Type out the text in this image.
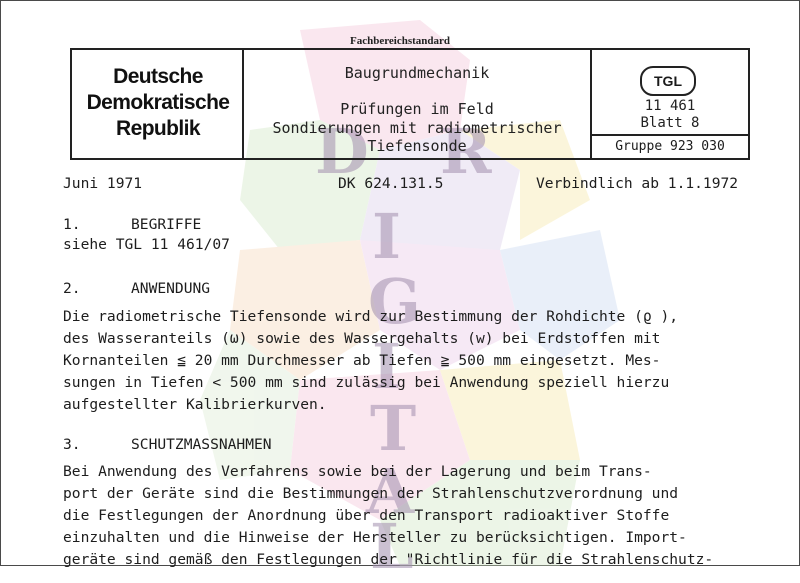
D R
I
G
I
T
A
L
Fachbereichstandard
Deutsche
Demokratische
Republik
Baugrundmechanik
Prüfungen im Feld
Sondierungen mit radiometrischer
Tiefensonde
TGL
11 461
Blatt 8
Gruppe 923 030
Juni 1971	DK 624.131.5	Verbindlich ab 1.1.1972
1.	BEGRIFFE
siehe TGL 11 461/07
2.	ANWENDUNG

Die radiometrische Tiefensonde wird zur Bestimmung der Rohdichte (ϱ ),

des Wasseranteils (ω) sowie des Wassergehalts (w) bei Erdstoffen mit

Kornanteilen ≦ 20 mm Durchmesser ab Tiefen ≧ 500 mm eingesetzt. Mes-

sungen in Tiefen < 500 mm sind zulässig bei Anwendung speziell hierzu

aufgestellter Kalibrierkurven.

3.	SCHUTZMASSNAHMEN

Bei Anwendung des Verfahrens sowie bei der Lagerung und beim Trans-

port der Geräte sind die Bestimmungen der Strahlenschutzverordnung und

die Festlegungen der Anordnung über den Transport radioaktiver Stoffe

einzuhalten und die Hinweise der Hersteller zu berücksichtigen. Import-

geräte sind gemäß den Festlegungen der "Richtlinie für die Strahlenschutz-
